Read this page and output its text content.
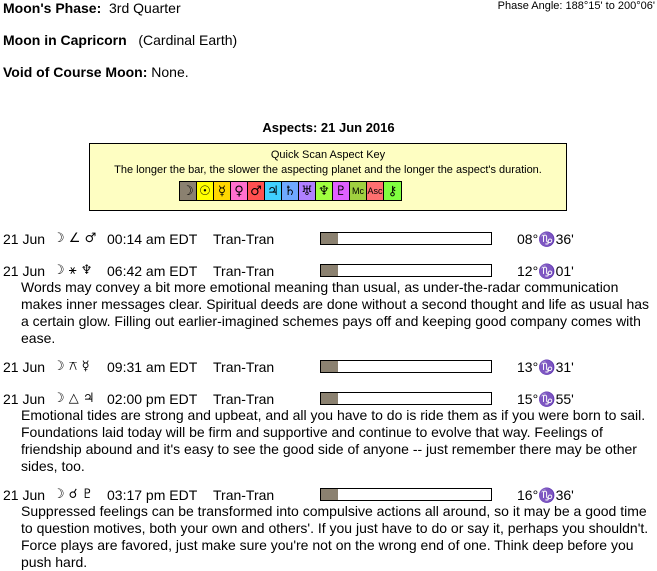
Moon's Phase: 3rd Quarter	Phase Angle: 188°15' to 200°06'
Moon in Capricorn (Cardinal Earth)
Void of Course Moon: None.
Aspects: 21 Jun 2016
Quick Scan Aspect Key
The longer the bar, the slower the aspecting planet and the longer the aspect's duration.
☽ ☉ ☿ ♀ ♂ ♃ ♄ ♅ ♆ ♇ Mc Asc ⚷
21 Jun ☽ ∠ ♂ 00:14 am EDT Tran-Tran	08°♑36'
21 Jun ☽ ⚹ ♆ 06:42 am EDT Tran-Tran	12°♑01'
Words may convey a bit more emotional meaning than usual, as under-the-radar communication makes inner messages clear. Spiritual deeds are done without a second thought and life as usual has a certain glow. Filling out earlier-imagined schemes pays off and keeping good company comes with ease.
21 Jun ☽ ⚻ ☿ 09:31 am EDT Tran-Tran	13°♑31'
21 Jun ☽ △ ♃ 02:00 pm EDT Tran-Tran	15°♑55'
Emotional tides are strong and upbeat, and all you have to do is ride them as if you were born to sail. Foundations laid today will be firm and supportive and continue to evolve that way. Feelings of friendship abound and it's easy to see the good side of anyone -- just remember there may be other sides, too.
21 Jun ☽ ☌ ♇ 03:17 pm EDT Tran-Tran	16°♑36'
Suppressed feelings can be transformed into compulsive actions all around, so it may be a good time to question motives, both your own and others'. If you just have to do or say it, perhaps you shouldn't. Force plays are favored, just make sure you're not on the wrong end of one. Think deep before you push hard.
